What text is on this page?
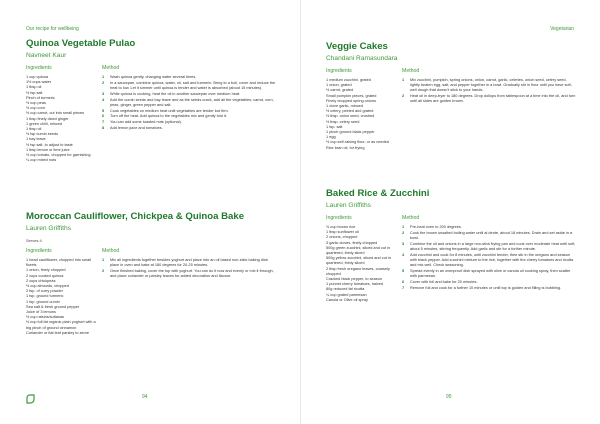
Our recipe for wellbeing
Quinoa Vegetable Pulao
Navneet Kaur
Ingredients
1 cup quinoa
1½ cups water
1 tbsp oil
½ tsp salt
Pinch of turmeric
½ cup peas
½ cup corn
½ cup carrot, cut into small pieces
1 tbsp finely diced ginger
1 green chilli, minced
1 tbsp oil
½ tsp cumin seeds
1 bay leave
½ tsp salt, to adjust to taste
1 tbsp lemon or lime juice
½ cup tomato, chopped for garnishing
¼ cup mixed nuts
Method
1	Wash quinoa gently, changing water several times.
2	In a saucepan, combine quinoa, water, oil, salt and turmeric. Bring to a boil, cover and reduce the heat to low. Let it simmer until quinoa is tender and water is absorbed (about 15 minutes).
3	While quinoa is cooking, heat the oil in another saucepan over medium heat.
4	Add the cumin seeds and bay leave and as the seeds crack, add all the vegetables; carrot, corn, peas, ginger, green pepper and salt.
5	Cook vegetables on medium heat until vegetables are tender but firm.
6	Turn off the heat. Add quinoa to the vegetables mix and gently fold it.
7	You can add some toasted nuts (optional).
8	Add lemon juice and tomatoes.
Moroccan Cauliflower, Chickpea & Quinoa Bake
Lauren Griffiths
Serves 4
Ingredients
1 head cauliflower, chopped into small florets
1 onion, finely chopped
2 cups cooked quinoa
2 cups chickpeas
½ cup almonds, chopped
2 tsp. of curry powder
1 tsp. ground turmeric
1 tsp. ground cumin
Sea salt & fresh ground pepper
Juice of 3 lemons
½ cup raisins/sultanas
½ cup full fat organic plain yoghurt with a big pinch of ground cinnamon
Coriander or flat leaf parsley to serve
Method
1	Mix all ingredients together besides yoghurt and place into an oil based non-stick baking dish place in oven and bake at 180 degrees for 20-25 minutes.
2	Once finished baking, cover the top with yoghurt. You can do it now and evenly or mix it through, and place coriander or parsley leaves for added decoration and flavour.
94
Vegetarian
Veggie Cakes
Chandani Ramasundara
Ingredients
1 medium zucchini, grated
1 onion, grated
½ carrot, grated
Small pumpkin pieces, grated
Finely chopped spring onions
1 clove garlic, minced
½ celery, peeled and grated
½ tbsp. onion seed, crushed
½ tbsp. celery seed
1 tsp. salt
1 pinch ground black pepper
1 egg
½ cup self-raising flour, or as needed
Rice bran oil, for frying
Method
1	Mix zucchini, pumpkin, spring onions, onion, carrot, garlic, celeries, onion seed, celery seed, lightly beaten egg, salt, and pepper together in a bowl. Gradually stir in flour until you have soft, well dough that doesn't stick to your hands.
2	Heat oil in deep-fryer to 180 degrees. Drop dollops from tablespoon at a time into the oil, and turn until all sides are golden brown.
Baked Rice & Zucchini
Lauren Griffiths
Ingredients
¾ cup brown rice
1 tbsp sunflower oil
2 onions, chopped
3 garlic cloves, finely chopped
500g green zucchini, sliced and cut in quartered, thinly sliced
500g yellow zucchini, sliced and cut in quartered, thinly sliced
2 tbsp fresh oregano leaves, coarsely chopped
Cracked black pepper, to season
1 punnet cherry tomatoes, halved
80g reduced fat ricotta
¼ cup grated parmesan
Canola or Olive oil spray
Method
1	Pre-heat oven to 200 degrees.
2	Cook the brown unsalted boiling water until al dente, about 18 minutes. Drain and set aside in a bowl.
3	Combine the oil and onions in a large non-stick frying pan and cook over moderate heat until soft, about 5 minutes, stirring frequently. Add garlic and stir for a further minute.
4	Add zucchini and cook for 8 minutes, until zucchini tender, then stir in the oregano and season with black pepper. Add zucchini mixture to the rice, together with the cherry tomatoes and ricotta and mix well. Check seasoning.
5	Spread evenly in an ovenproof dish sprayed with olive or canola oil cooking spray, then scatter with parmesan.
6	Cover with foil and bake for 20 minutes.
7	Remove foil and cook for a further 10 minutes or until top is golden and filling is bubbling.
95
